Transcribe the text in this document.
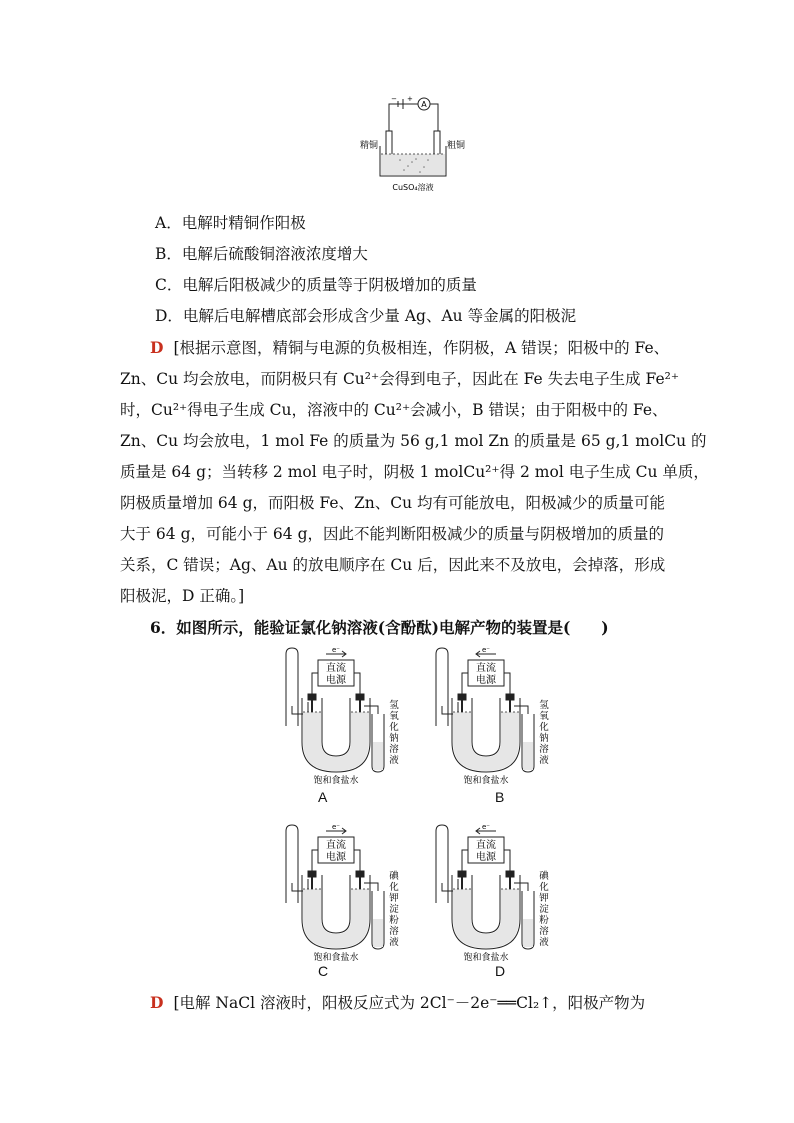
− +
A
精铜	粗铜
CuSO₄溶液
A．电解时精铜作阳极
B．电解后硫酸铜溶液浓度增大
C．电解后阳极减少的质量等于阴极增加的质量
D．电解后电解槽底部会形成含少量 Ag、Au 等金属的阳极泥
D [根据示意图，精铜与电源的负极相连，作阴极，A 错误；阳极中的 Fe、
Zn、Cu 均会放电，而阴极只有 Cu²⁺会得到电子，因此在 Fe 失去电子生成 Fe²⁺
时，Cu²⁺得电子生成 Cu，溶液中的 Cu²⁺会减小，B 错误；由于阳极中的 Fe、
Zn、Cu 均会放电，1 mol Fe 的质量为 56 g,1 mol Zn 的质量是 65 g,1 molCu 的
质量是 64 g；当转移 2 mol 电子时，阴极 1 molCu²⁺得 2 mol 电子生成 Cu 单质，
阴极质量增加 64 g，而阳极 Fe、Zn、Cu 均有可能放电，阳极减少的质量可能
大于 64 g，可能小于 64 g，因此不能判断阳极减少的质量与阴极增加的质量的
关系，C 错误；Ag、Au 的放电顺序在 Cu 后，因此来不及放电，会掉落，形成
阳极泥，D 正确。]
6．如图所示，能验证氯化钠溶液(含酚酞)电解产物的装置是(　　)
e⁻
直流
电源
饱和食盐水
氢
氧
化
钠
溶
液
e⁻
直流
电源
饱和食盐水
氢
氧
化
钠
溶
液
e⁻
直流
电源
饱和食盐水
碘
化
钾
淀
粉
溶
液
e⁻
直流
电源
饱和食盐水
碘
化
钾
淀
粉
溶
液
A	B
C	D
D [电解 NaCl 溶液时，阳极反应式为 2Cl⁻－2e⁻══Cl₂↑，阳极产物为
